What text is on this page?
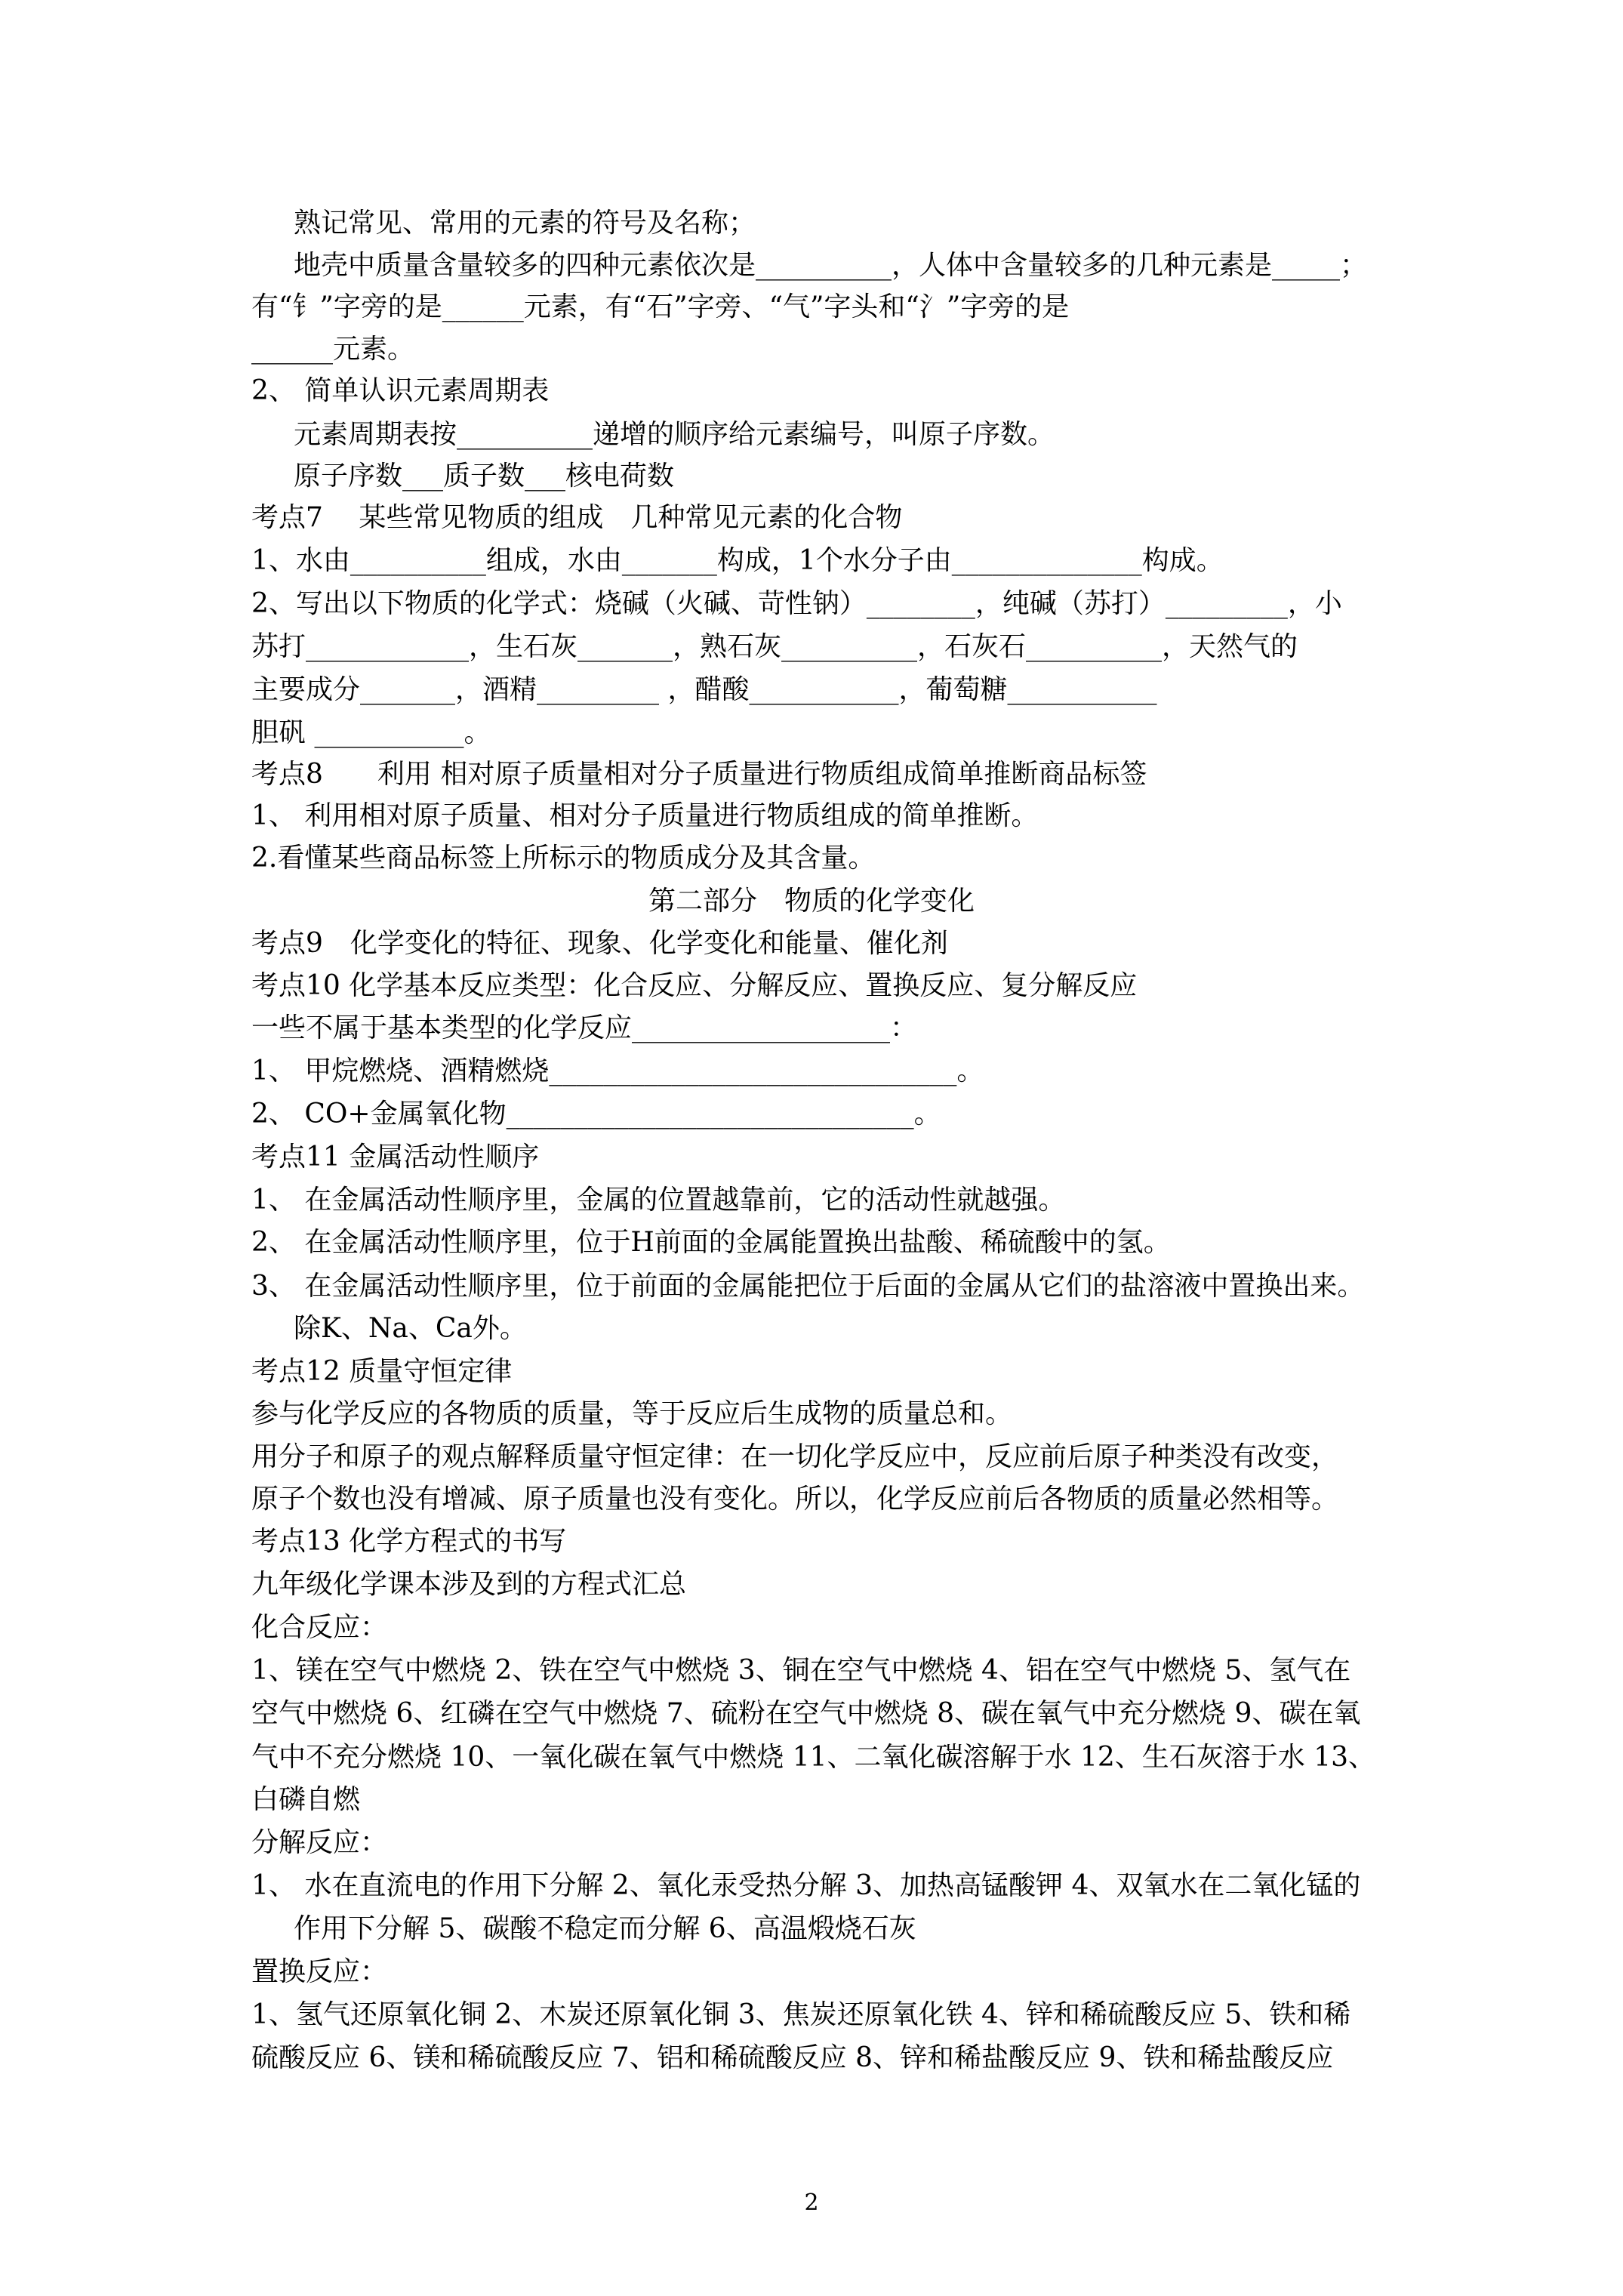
熟记常见、常用的元素的符号及名称；
地壳中质量含量较多的四种元素依次是__________，人体中含量较多的几种元素是_____；
有“钅”字旁的是______元素，有“石”字旁、“气”字头和“氵”字旁的是
______元素。
2、 简单认识元素周期表
元素周期表按__________递增的顺序给元素编号，叫原子序数。
原子序数___质子数___核电荷数
考点7　 某些常见物质的组成　几种常见元素的化合物
1、水由__________组成，水由_______构成，1个水分子由______________构成。
2、写出以下物质的化学式：烧碱（火碱、苛性钠）________，纯碱（苏打）_________，小
苏打____________，生石灰_______，熟石灰__________，石灰石__________，天然气的
主要成分_______，酒精_________ ，醋酸___________，葡萄糖___________
胆矾 ___________。
考点8　　利用 相对原子质量相对分子质量进行物质组成简单推断商品标签
1、 利用相对原子质量、相对分子质量进行物质组成的简单推断。
2.看懂某些商品标签上所标示的物质成分及其含量。
第二部分　物质的化学变化
考点9　化学变化的特征、现象、化学变化和能量、催化剂
考点10 化学基本反应类型：化合反应、分解反应、置换反应、复分解反应
一些不属于基本类型的化学反应___________________：
1、 甲烷燃烧、酒精燃烧______________________________。
2、 CO+金属氧化物______________________________。
考点11 金属活动性顺序
1、 在金属活动性顺序里，金属的位置越靠前，它的活动性就越强。
2、 在金属活动性顺序里，位于H前面的金属能置换出盐酸、稀硫酸中的氢。
3、 在金属活动性顺序里，位于前面的金属能把位于后面的金属从它们的盐溶液中置换出来。
除K、Na、Ca外。
考点12 质量守恒定律
参与化学反应的各物质的质量，等于反应后生成物的质量总和。
用分子和原子的观点解释质量守恒定律：在一切化学反应中，反应前后原子种类没有改变，
原子个数也没有增减、原子质量也没有变化。所以，化学反应前后各物质的质量必然相等。
考点13 化学方程式的书写
九年级化学课本涉及到的方程式汇总
化合反应：
1、镁在空气中燃烧 2、铁在空气中燃烧 3、铜在空气中燃烧 4、铝在空气中燃烧 5、氢气在
空气中燃烧 6、红磷在空气中燃烧 7、硫粉在空气中燃烧 8、碳在氧气中充分燃烧 9、碳在氧
气中不充分燃烧 10、一氧化碳在氧气中燃烧 11、二氧化碳溶解于水 12、生石灰溶于水 13、
白磷自燃
分解反应：
1、 水在直流电的作用下分解 2、氧化汞受热分解 3、加热高锰酸钾 4、双氧水在二氧化锰的
作用下分解 5、碳酸不稳定而分解 6、高温煅烧石灰
置换反应：
1、氢气还原氧化铜 2、木炭还原氧化铜 3、焦炭还原氧化铁 4、锌和稀硫酸反应 5、铁和稀
硫酸反应 6、镁和稀硫酸反应 7、铝和稀硫酸反应 8、锌和稀盐酸反应 9、铁和稀盐酸反应
2
